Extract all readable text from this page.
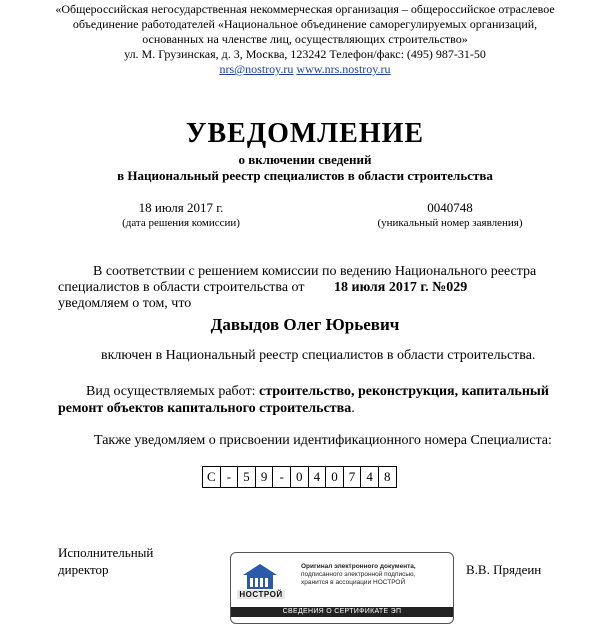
«Общероссийская негосударственная некоммерческая организация – общероссийское отраслевое
объединение работодателей «Национальное объединение саморегулируемых организаций,
основанных на членстве лиц, осуществляющих строительство»
ул. М. Грузинская, д. 3, Москва, 123242 Телефон/факс: (495) 987-31-50
nrs@nostroy.ru www.nrs.nostroy.ru
УВЕДОМЛЕНИЕ
о включении сведений
в Национальный реестр специалистов в области строительства
18 июля 2017 г.
(дата решения комиссии)
0040748
(уникальный номер заявления)
В соответствии с решением комиссии по ведению Национального реестра
специалистов в области строительства от 18 июля 2017 г. №029
уведомляем о том, что
Давыдов Олег Юрьевич
включен в Национальный реестр специалистов в области строительства.
Вид осуществляемых работ: строительство, реконструкция, капитальный
ремонт объектов капитального строительства.
Также уведомляем о присвоении идентификационного номера Специалиста:
С - 5 9 - 0 4 0 7 4 8
Исполнительный
директор	В.В. Прядеин
НОСТРОЙ
Оригинал электронного документа,
подписанного электронной подписью,
хранится в ассоциации НОСТРОЙ
СВЕДЕНИЯ О СЕРТИФИКАТЕ ЭП
